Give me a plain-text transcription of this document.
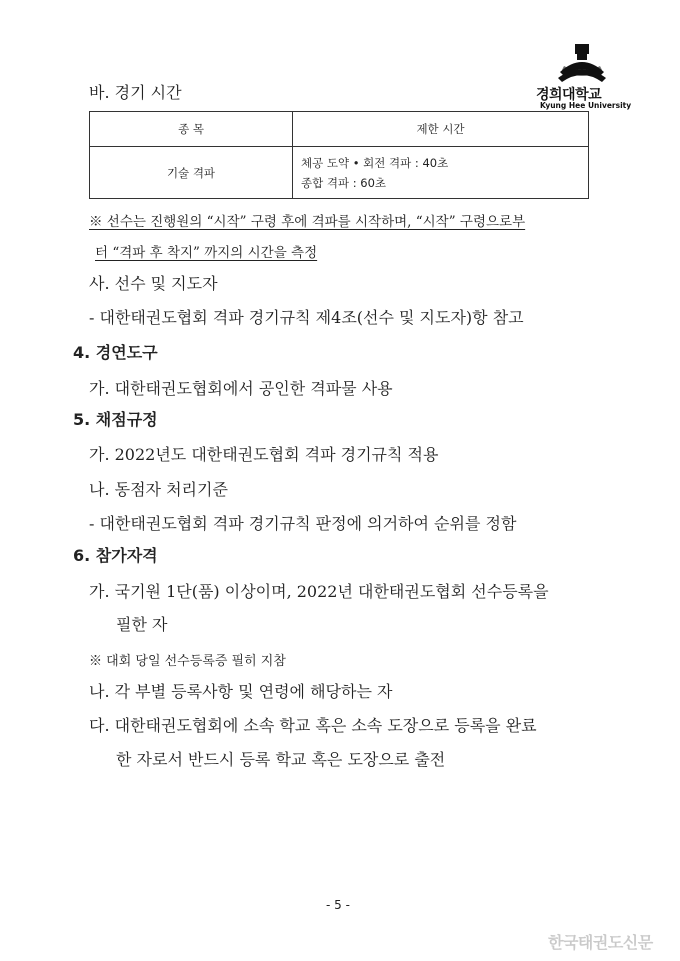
경희대학교
Kyung Hee University
바. 경기 시간
종 목	제한 시간
기술 격파	체공 도약 • 회전 격파 : 40초
종합 격파 : 60초
※ 선수는 진행원의 “시작” 구령 후에 격파를 시작하며, “시작” 구령으로부
터 “격파 후 착지” 까지의 시간을 측정
사. 선수 및 지도자
- 대한태권도협회 격파 경기규칙 제4조(선수 및 지도자)항 참고
4. 경연도구
가. 대한태권도협회에서 공인한 격파물 사용
5. 채점규정
가. 2022년도 대한태권도협회 격파 경기규칙 적용
나. 동점자 처리기준
- 대한태권도협회 격파 경기규칙 판정에 의거하여 순위를 정함
6. 참가자격
가. 국기원 1단(품) 이상이며, 2022년 대한태권도협회 선수등록을
필한 자
※ 대회 당일 선수등록증 필히 지참
나. 각 부별 등록사항 및 연령에 해당하는 자
다. 대한태권도협회에 소속 학교 혹은 소속 도장으로 등록을 완료
한 자로서 반드시 등록 학교 혹은 도장으로 출전
- 5 -
한국태권도신문
